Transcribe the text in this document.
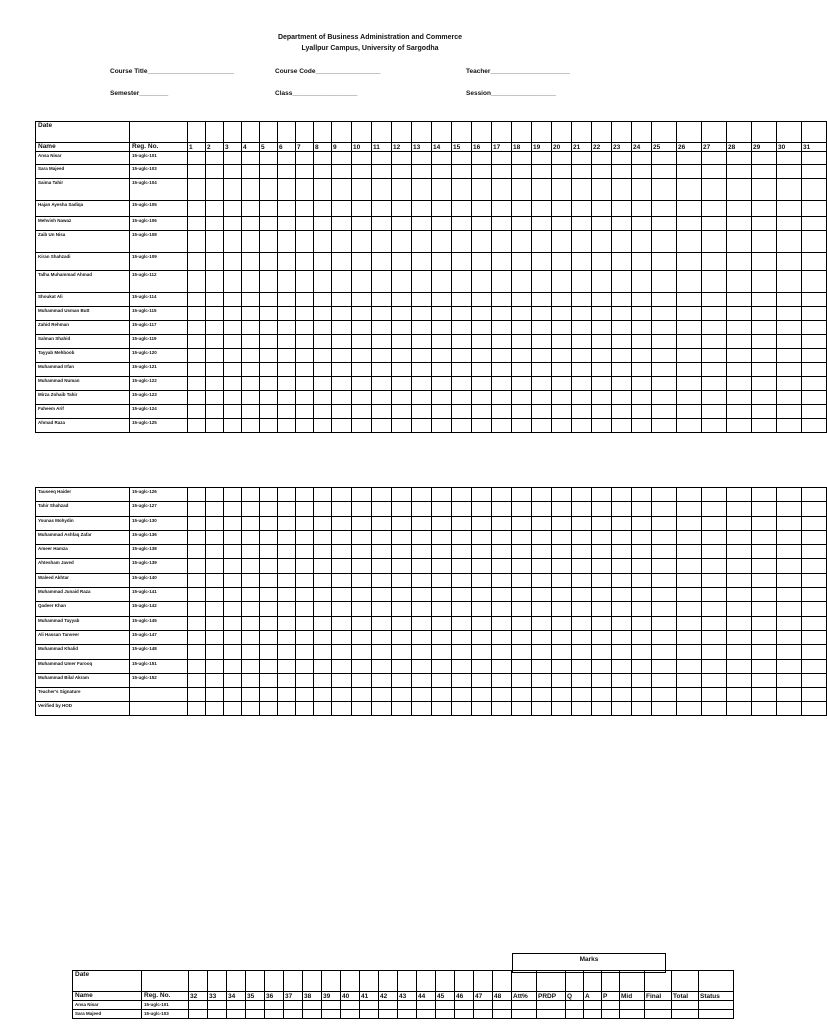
Department of Business Administration and Commerce
Lyallpur Campus, University of Sargodha
Course Title________________________	Course Code__________________	Teacher______________________
Semester________	Class__________________	Session__________________
Date																																
Name	Reg. No.	1	2	3	4	5	6	7	8	9	10	11	12	13	14	15	16	17	18	19	20	21	22	23	24	25	26	27	28	29	30	31
Ansa Nisar	15-uglc-101																															
Sara Majeed	15-uglc-103																															
Saima Tahir	15-uglc-104																															
Hajan Ayesha Sadiqa	15-uglc-105																															
Mehvish Nawaz	15-uglc-106																															
Zaib Un Nisa	15-uglc-108																															
Kiran Shahzadi	15-uglc-109																															
Talha Muhammad Ahmad	15-uglc-112																															
Shoukat Ali	15-uglc-114																															
Muhammad Usman Butt	15-uglc-115																															
Zahid Rehman	15-uglc-117																															
Salman Shahid	15-uglc-119																															
Tayyab Mehboob	15-uglc-120																															
Muhammad Irfan	15-uglc-121																															
Muhammad Numan	15-uglc-122																															
Mirza Zohaib Tahir	15-uglc-123																															
Faheem Arif	15-uglc-124																															
Ahmad Raza	15-uglc-125																															
Tauseeq Haider	15-uglc-126																															
Tahir Shahzad	15-uglc-127																															
Younas Mohydin	15-uglc-130																															
Muhammad Ashfaq Zafar	15-uglc-136																															
Ameer Hamza	15-uglc-138																															
Ahtesham Javed	15-uglc-139																															
Waleed Akhtar	15-uglc-140																															
Muhammad Junaid Raza	15-uglc-141																															
Qadeer Khan	15-uglc-142																															
Muhammad Tayyab	15-uglc-145																															
Ali Hassan Tanveer	15-uglc-147																															
Muhammad Khalid	15-uglc-148																															
Muhammad Umer Farooq	15-uglc-151																															
Muhammad Bilal Akram	15-uglc-152																															
Teacher's Signature																																
Verified by HOD																																
Marks
Date																											
Name	Reg. No.	32	33	34	35	36	37	38	39	40	41	42	43	44	45	46	47	48	Att%	PRDP	Q	A	P	Mid	Final	Total	Status
Ansa Nisar	15-uglc-101																										
Sara Majeed	15-uglc-103																										
